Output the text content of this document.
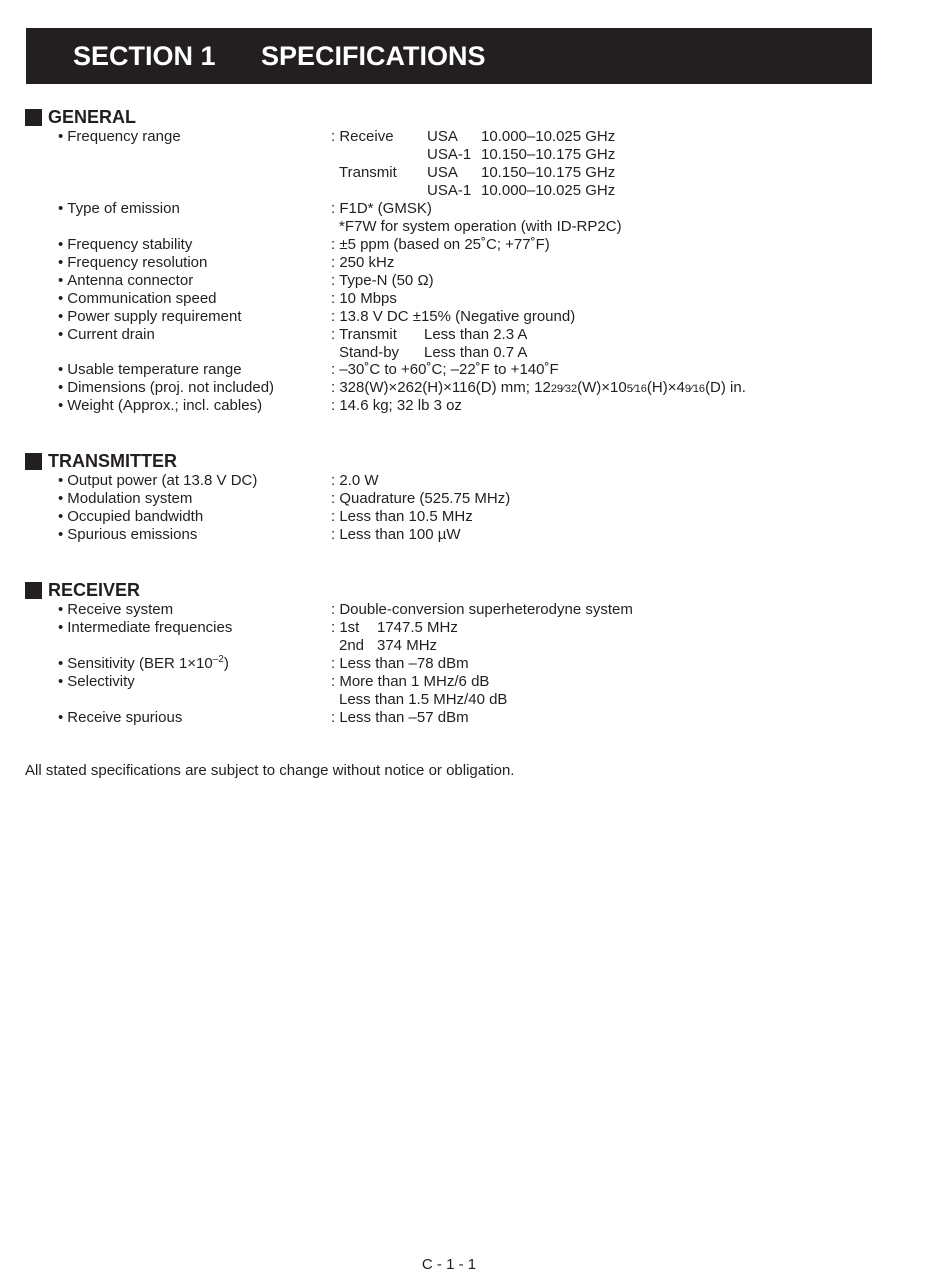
SECTION 1 SPECIFICATIONS
GENERAL
• Frequency range	: Receive USA 10.000–10.025 GHz
USA-1 10.150–10.175 GHz
Transmit USA 10.150–10.175 GHz
USA-1 10.000–10.025 GHz
• Type of emission	: F1D* (GMSK)
*F7W for system operation (with ID-RP2C)
• Frequency stability	: ±5 ppm (based on 25˚C; +77˚F)
• Frequency resolution	: 250 kHz
• Antenna connector	: Type-N (50 Ω)
• Communication speed	: 10 Mbps
• Power supply requirement	: 13.8 V DC ±15% (Negative ground)
• Current drain	: Transmit Less than 2.3 A
Stand-by Less than 0.7 A
• Usable temperature range	: –30˚C to +60˚C; –22˚F to +140˚F
• Dimensions (proj. not included)	: 328(W)×262(H)×116(D) mm; 1229⁄32(W)×105⁄16(H)×49⁄16(D) in.
• Weight (Approx.; incl. cables)	: 14.6 kg; 32 lb 3 oz
TRANSMITTER
• Output power (at 13.8 V DC)	: 2.0 W
• Modulation system	: Quadrature (525.75 MHz)
• Occupied bandwidth	: Less than 10.5 MHz
• Spurious emissions	: Less than 100 µW
RECEIVER
• Receive system	: Double-conversion superheterodyne system
• Intermediate frequencies	: 1st 1747.5 MHz
2nd 374 MHz
• Sensitivity (BER $1\times 10^{-2}$)	: Less than –78 dBm
• Selectivity	: More than 1 MHz/6 dB
Less than 1.5 MHz/40 dB
• Receive spurious	: Less than –57 dBm
All stated specifications are subject to change without notice or obligation.
C - 1 - 1
